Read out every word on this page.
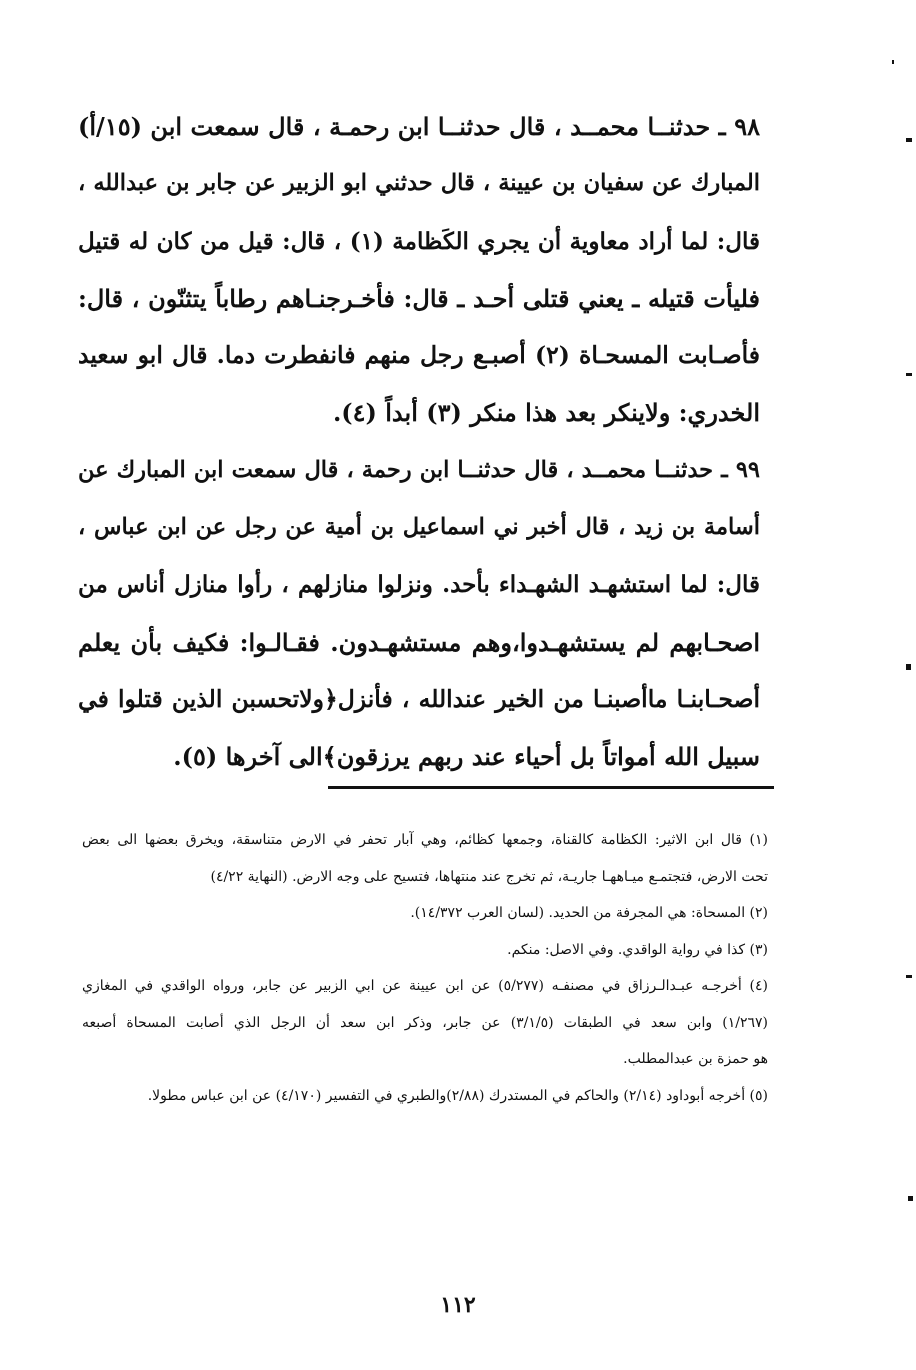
٩٨ ـ حدثنــا محمــد ، قال حدثنــا ابن رحمـة ، قال سمعت ابن (١٥/أ)
المبارك عن سفيان بن عيينة ، قال حدثني ابو الزبير عن جابر بن عبدالله ،
قال: لما أراد معاوية أن يجري الكَظامة (١) ، قال: قيل من كان له قتيل
فليأت قتيله ـ يعني قتلى أحـد ـ قال: فأخـرجنـاهم رطاباً يتثنّون ، قال:
فأصـابت المسحـاة (٢) أصبـع رجل منهم فانفطرت دما. قال ابو سعيد
الخدري: ولاينكر بعد هذا منكر (٣) أبداً (٤).
٩٩ ـ حدثنــا محمــد ، قال حدثنــا ابن رحمة ، قال سمعت ابن المبارك عن
أسامة بن زيد ، قال أخبر ني اسماعيل بن أمية عن رجل عن ابن عباس ،
قال: لما استشهـد الشهـداء بأحد. ونزلوا منازلهم ، رأوا منازل أناس من
اصحـابهم لم يستشهـدوا،وهم مستشهـدون. فقـالـوا: فكيف بأن يعلم
أصحـابنـا ماأصبنـا من الخير عندالله ، فأنزل﴿ولاتحسبن الذين قتلوا في
سبيل الله أمواتاً بل أحياء عند ربهم يرزقون﴾الى آخرها (٥).
(١) قال ابن الاثير: الكظامة كالقناة، وجمعها كظائم، وهي آبار تحفر في الارض متناسقة، ويخرق بعضها الى بعض
تحت الارض، فتجتمـع ميـاههـا جاريـة، ثم تخرج عند منتهاها، فتسيح على وجه الارض. (النهاية ٤/٢٢)
(٢) المسحاة: هي المجرفة من الحديد. (لسان العرب ١٤/٣٧٢).
(٣) كذا في رواية الواقدي. وفي الاصل: منكم.
(٤) أخرجـه عبـدالـرزاق في مصنفـه (٥/٢٧٧) عن ابن عيينة عن ابي الزبير عن جابر، ورواه الواقدي في المغازي
(١/٢٦٧) وابن سعد في الطبقات (٣/١/٥) عن جابر، وذكر ابن سعد أن الرجل الذي أصابت المسحاة أصبعه
هو حمزة بن عبدالمطلب.
(٥) أخرجه أبوداود (٢/١٤) والحاكم في المستدرك (٢/٨٨)والطبري في التفسير (٤/١٧٠) عن ابن عباس مطولا.
١١٢
